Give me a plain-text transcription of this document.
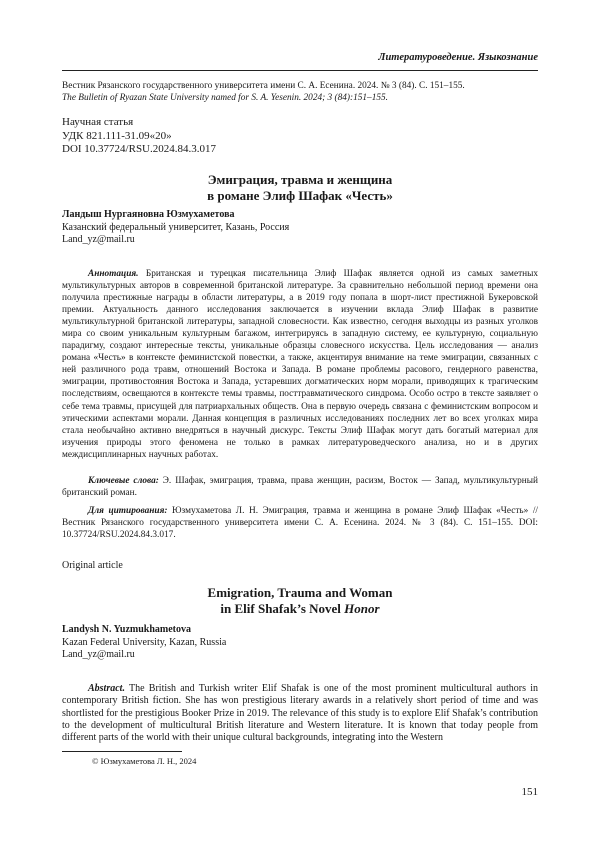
Литературоведение. Языкознание
Вестник Рязанского государственного университета имени С. А. Есенина. 2024. № 3 (84). С. 151–155.
The Bulletin of Ryazan State University named for S. A. Yesenin. 2024; 3 (84):151–155.
Научная статья
УДК 821.111-31.09«20»
DOI 10.37724/RSU.2024.84.3.017
Эмиграция, травма и женщина
в романе Элиф Шафак «Честь»
Ландыш Нургаяновна Юзмухаметова
Казанский федеральный университет, Казань, Россия
Land_yz@mail.ru

Аннотация. Британская и турецкая писательница Элиф Шафак является одной из самых заметных мультикультурных авторов в современной британской литературе. За сравнительно небольшой период времени она получила престижные награды в области литературы, а в 2019 году попала в шорт-лист престижной Букеровской премии. Актуальность данного исследования заключается в изучении вклада Элиф Шафак в развитие мультикультурной британской литературы, западной словесности. Как известно, сегодня выходцы из разных уголков мира со своим уникальным культурным багажом, интегрируясь в западную систему, ее культурную, социальную парадигму, создают интересные тексты, уникальные образцы словесного искусства. Цель исследования — анализ романа «Честь» в контексте феминистской повестки, а также, акцентируя внимание на теме эмиграции, связанных с ней различного рода травм, отношений Востока и Запада. В романе проблемы расового, гендерного равенства, эмиграции, противостояния Востока и Запада, устаревших догматических норм морали, приводящих к трагическим последствиям, освещаются в контексте темы травмы, посттравматического синдрома. Особо остро в тексте заявляет о себе тема травмы, присущей для патриархальных обществ. Она в первую очередь связана с феминистским вопросом и этическими аспектами морали. Данная концепция в различных исследованиях последних лет во всех уголках мира стала необычайно активно внедряться в научный дискурс. Тексты Элиф Шафак могут дать богатый материал для изучения природы этого феномена не только в рамках литературоведческого анализа, но и в других междисциплинарных научных работах.

Ключевые слова: Э. Шафак, эмиграция, травма, права женщин, расизм, Восток — Запад, мультикультурный британский роман.

Для цитирования: Юзмухаметова Л. Н. Эмиграция, травма и женщина в романе Элиф Шафак «Честь» // Вестник Рязанского государственного университета имени С. А. Есенина. 2024. № 3 (84). С. 151–155. DOI: 10.37724/RSU.2024.84.3.017.

Original article
Emigration, Trauma and Woman
in Elif Shafak’s Novel Honor
Landysh N. Yuzmukhametova
Kazan Federal University, Kazan, Russia
Land_yz@mail.ru

Abstract. The British and Turkish writer Elif Shafak is one of the most prominent multicultural authors in contemporary British fiction. She has won prestigious literary awards in a relatively short period of time and was shortlisted for the prestigious Booker Prize in 2019. The relevance of this study is to explore Elif Shafak’s contribution to the development of multicultural British literature and Western literature. It is known that today people from different parts of the world with their unique cultural backgrounds, integrating into the Western

© Юзмухаметова Л. Н., 2024
151
